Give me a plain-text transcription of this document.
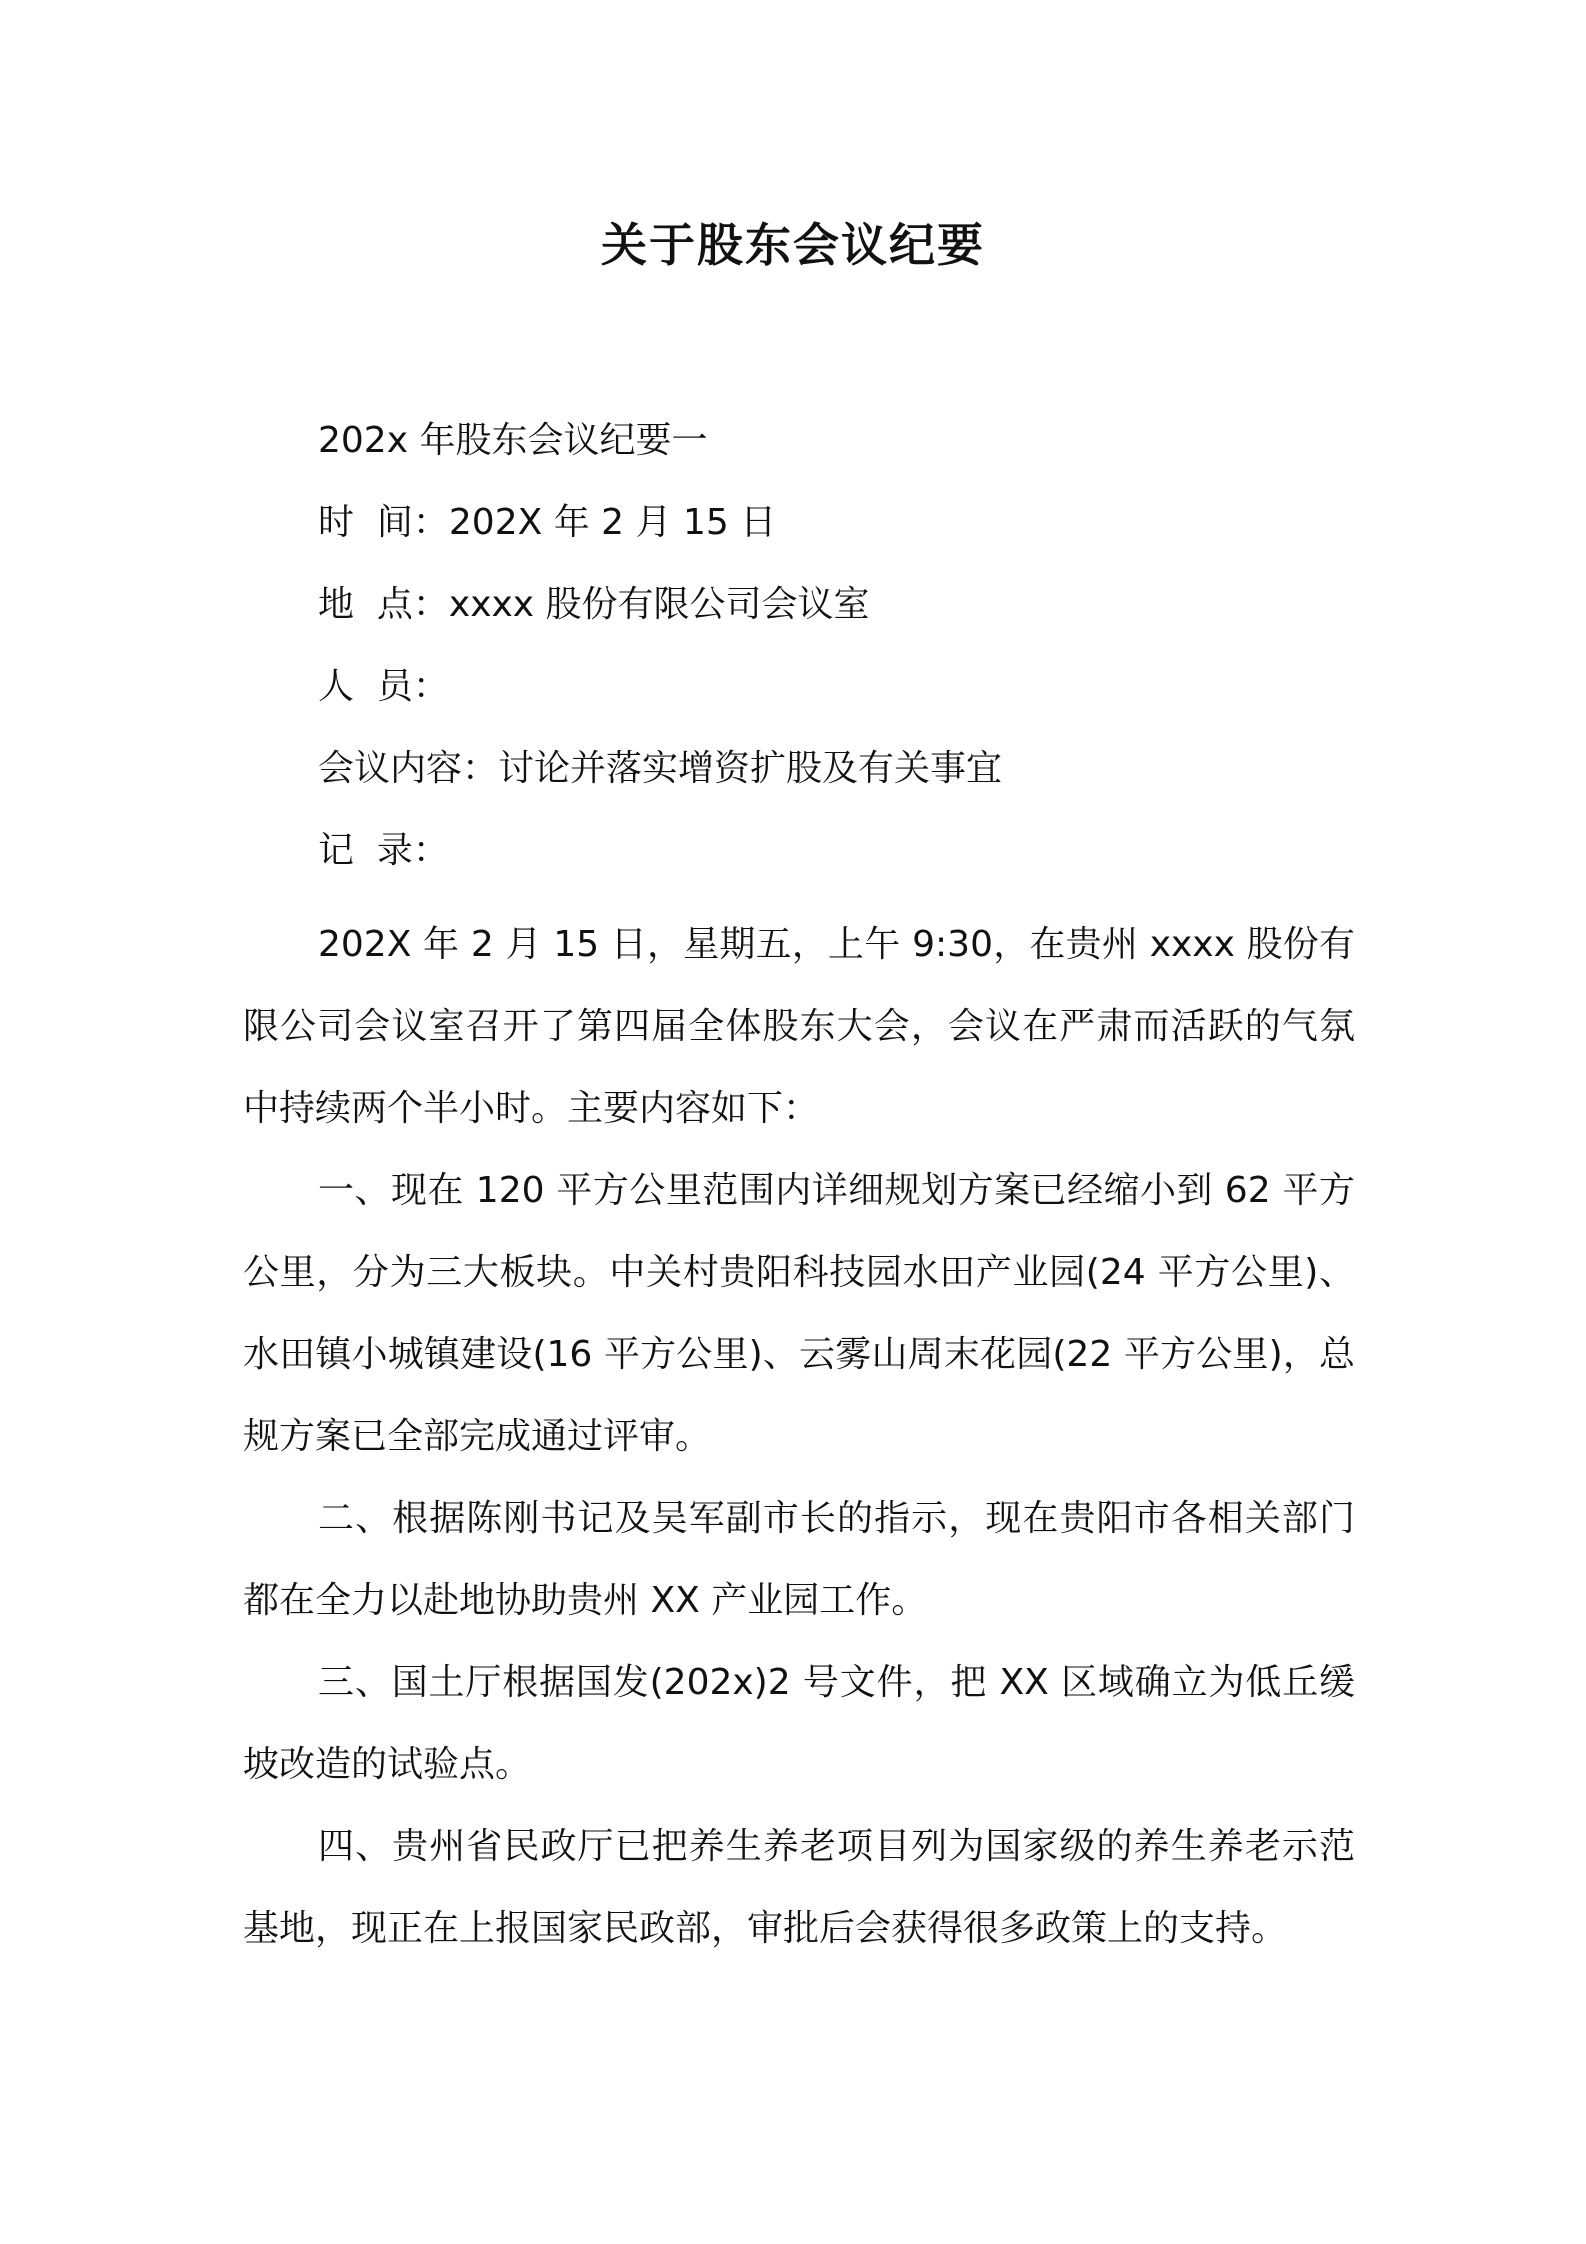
关于股东会议纪要
202x 年股东会议纪要一
时  间：202X 年 2 月 15 日
地  点：xxxx 股份有限公司会议室
人  员：
会议内容：讨论并落实增资扩股及有关事宜
记  录：

202X 年 2 月 15 日，星期五，上午 9:30，在贵州 xxxx 股份有限公司会议室召开了第四届全体股东大会，会议在严肃而活跃的气氛中持续两个半小时。主要内容如下：

一、现在 120 平方公里范围内详细规划方案已经缩小到 62 平方公里，分为三大板块。中关村贵阳科技园水田产业园(24 平方公里)、水田镇小城镇建设(16 平方公里)、云雾山周末花园(22 平方公里)，总规方案已全部完成通过评审。

二、根据陈刚书记及吴军副市长的指示，现在贵阳市各相关部门都在全力以赴地协助贵州 XX 产业园工作。

三、国土厅根据国发(202x)2 号文件，把 XX 区域确立为低丘缓坡改造的试验点。

四、贵州省民政厅已把养生养老项目列为国家级的养生养老示范基地，现正在上报国家民政部，审批后会获得很多政策上的支持。
